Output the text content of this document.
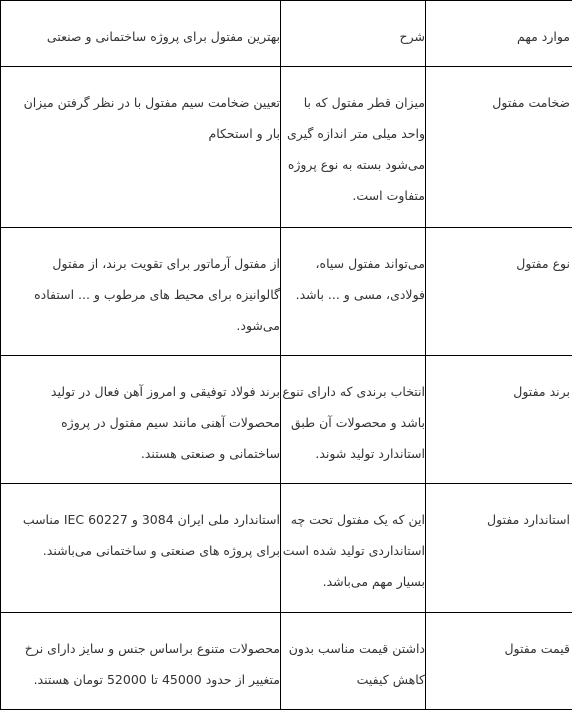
موارد مهم	شرح	بهترین مفتول برای پروژه ساختمانی و صنعتی

ضخامت مفتول	میزان قطر مفتول که با واحد میلی متر اندازه گیری می‌شود بسته به نوع پروژه متفاوت است.	تعیین ضخامت سیم مفتول با در نظر گرفتن میزان بار و استحکام

نوع مفتول	می‌تواند مفتول سیاه، فولادی، مسی و ... باشد.	از مفتول آرماتور برای تقویت برند، از مفتول گالوانیزه برای محیط های مرطوب و ... استفاده می‌شود.

برند مفتول	انتخاب برندی که دارای تنوع باشد و محصولات آن طبق استاندارد تولید شوند.	برند فولاد توفیقی و امروز آهن فعال در تولید محصولات آهنی مانند سیم مفتول در پروژه ساختمانی و صنعتی هستند.

استاندارد مفتول	این که یک مفتول تحت چه استانداردی تولید شده است بسیار مهم می‌باشد.	استاندارد ملی ایران 3084 و IEC 60227 مناسب برای پروژه های صنعتی و ساختمانی می‌باشند.

قیمت مفتول	داشتن قیمت مناسب بدون کاهش کیفیت	محصولات متنوع براساس جنس و سایز دارای نرخ متغییر از حدود 45000 تا 52000 تومان هستند.
